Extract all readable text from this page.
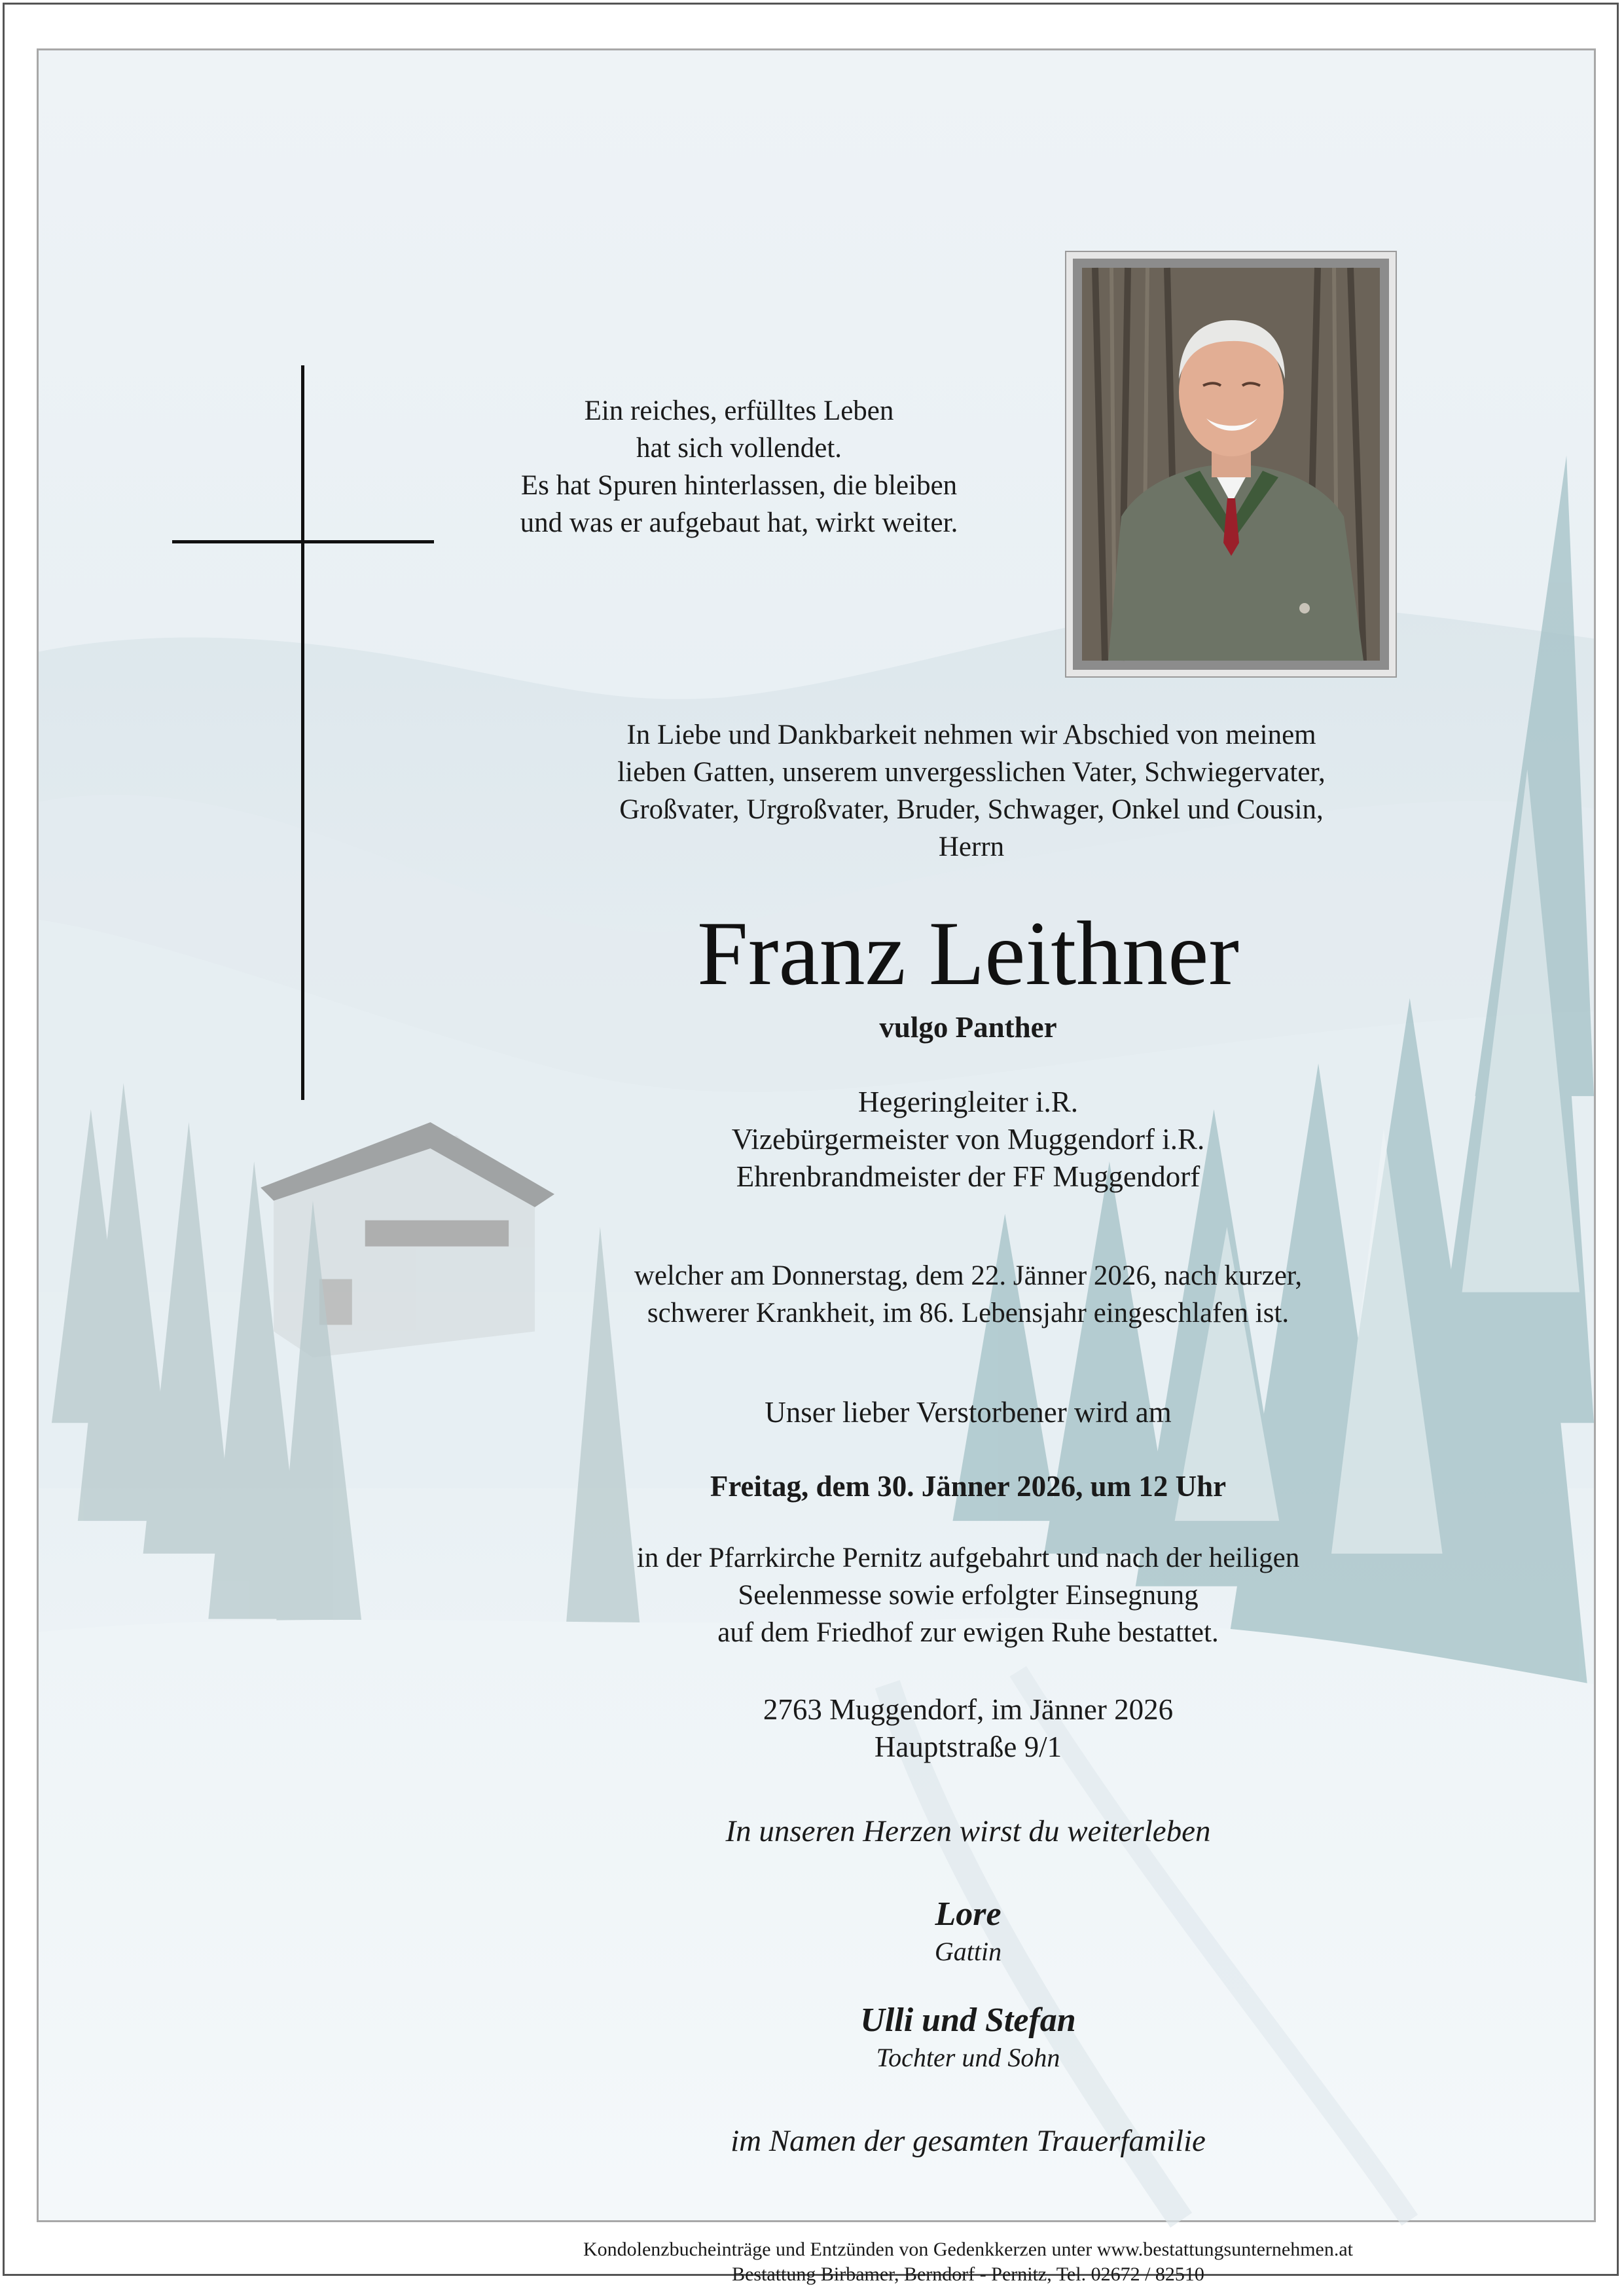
Ein reiches, erfülltes Leben
hat sich vollendet.
Es hat Spuren hinterlassen, die bleiben
und was er aufgebaut hat, wirkt weiter.
In Liebe und Dankbarkeit nehmen wir Abschied von meinem
lieben Gatten, unserem unvergesslichen Vater, Schwiegervater,
Großvater, Urgroßvater, Bruder, Schwager, Onkel und Cousin,
Herrn
Franz Leithner
vulgo Panther
Hegeringleiter i.R.
Vizebürgermeister von Muggendorf i.R.
Ehrenbrandmeister der FF Muggendorf
welcher am Donnerstag, dem 22. Jänner 2026, nach kurzer,
schwerer Krankheit, im 86. Lebensjahr eingeschlafen ist.
Unser lieber Verstorbener wird am
Freitag, dem 30. Jänner 2026, um 12 Uhr
in der Pfarrkirche Pernitz aufgebahrt und nach der heiligen
Seelenmesse sowie erfolgter Einsegnung
auf dem Friedhof zur ewigen Ruhe bestattet.
2763 Muggendorf, im Jänner 2026
Hauptstraße 9/1
In unseren Herzen wirst du weiterleben
Lore
Gattin
Ulli und Stefan
Tochter und Sohn
im Namen der gesamten Trauerfamilie
Kondolenzbucheinträge und Entzünden von Gedenkkerzen unter www.bestattungsunternehmen.at
Bestattung Birbamer, Berndorf - Pernitz, Tel. 02672 / 82510
